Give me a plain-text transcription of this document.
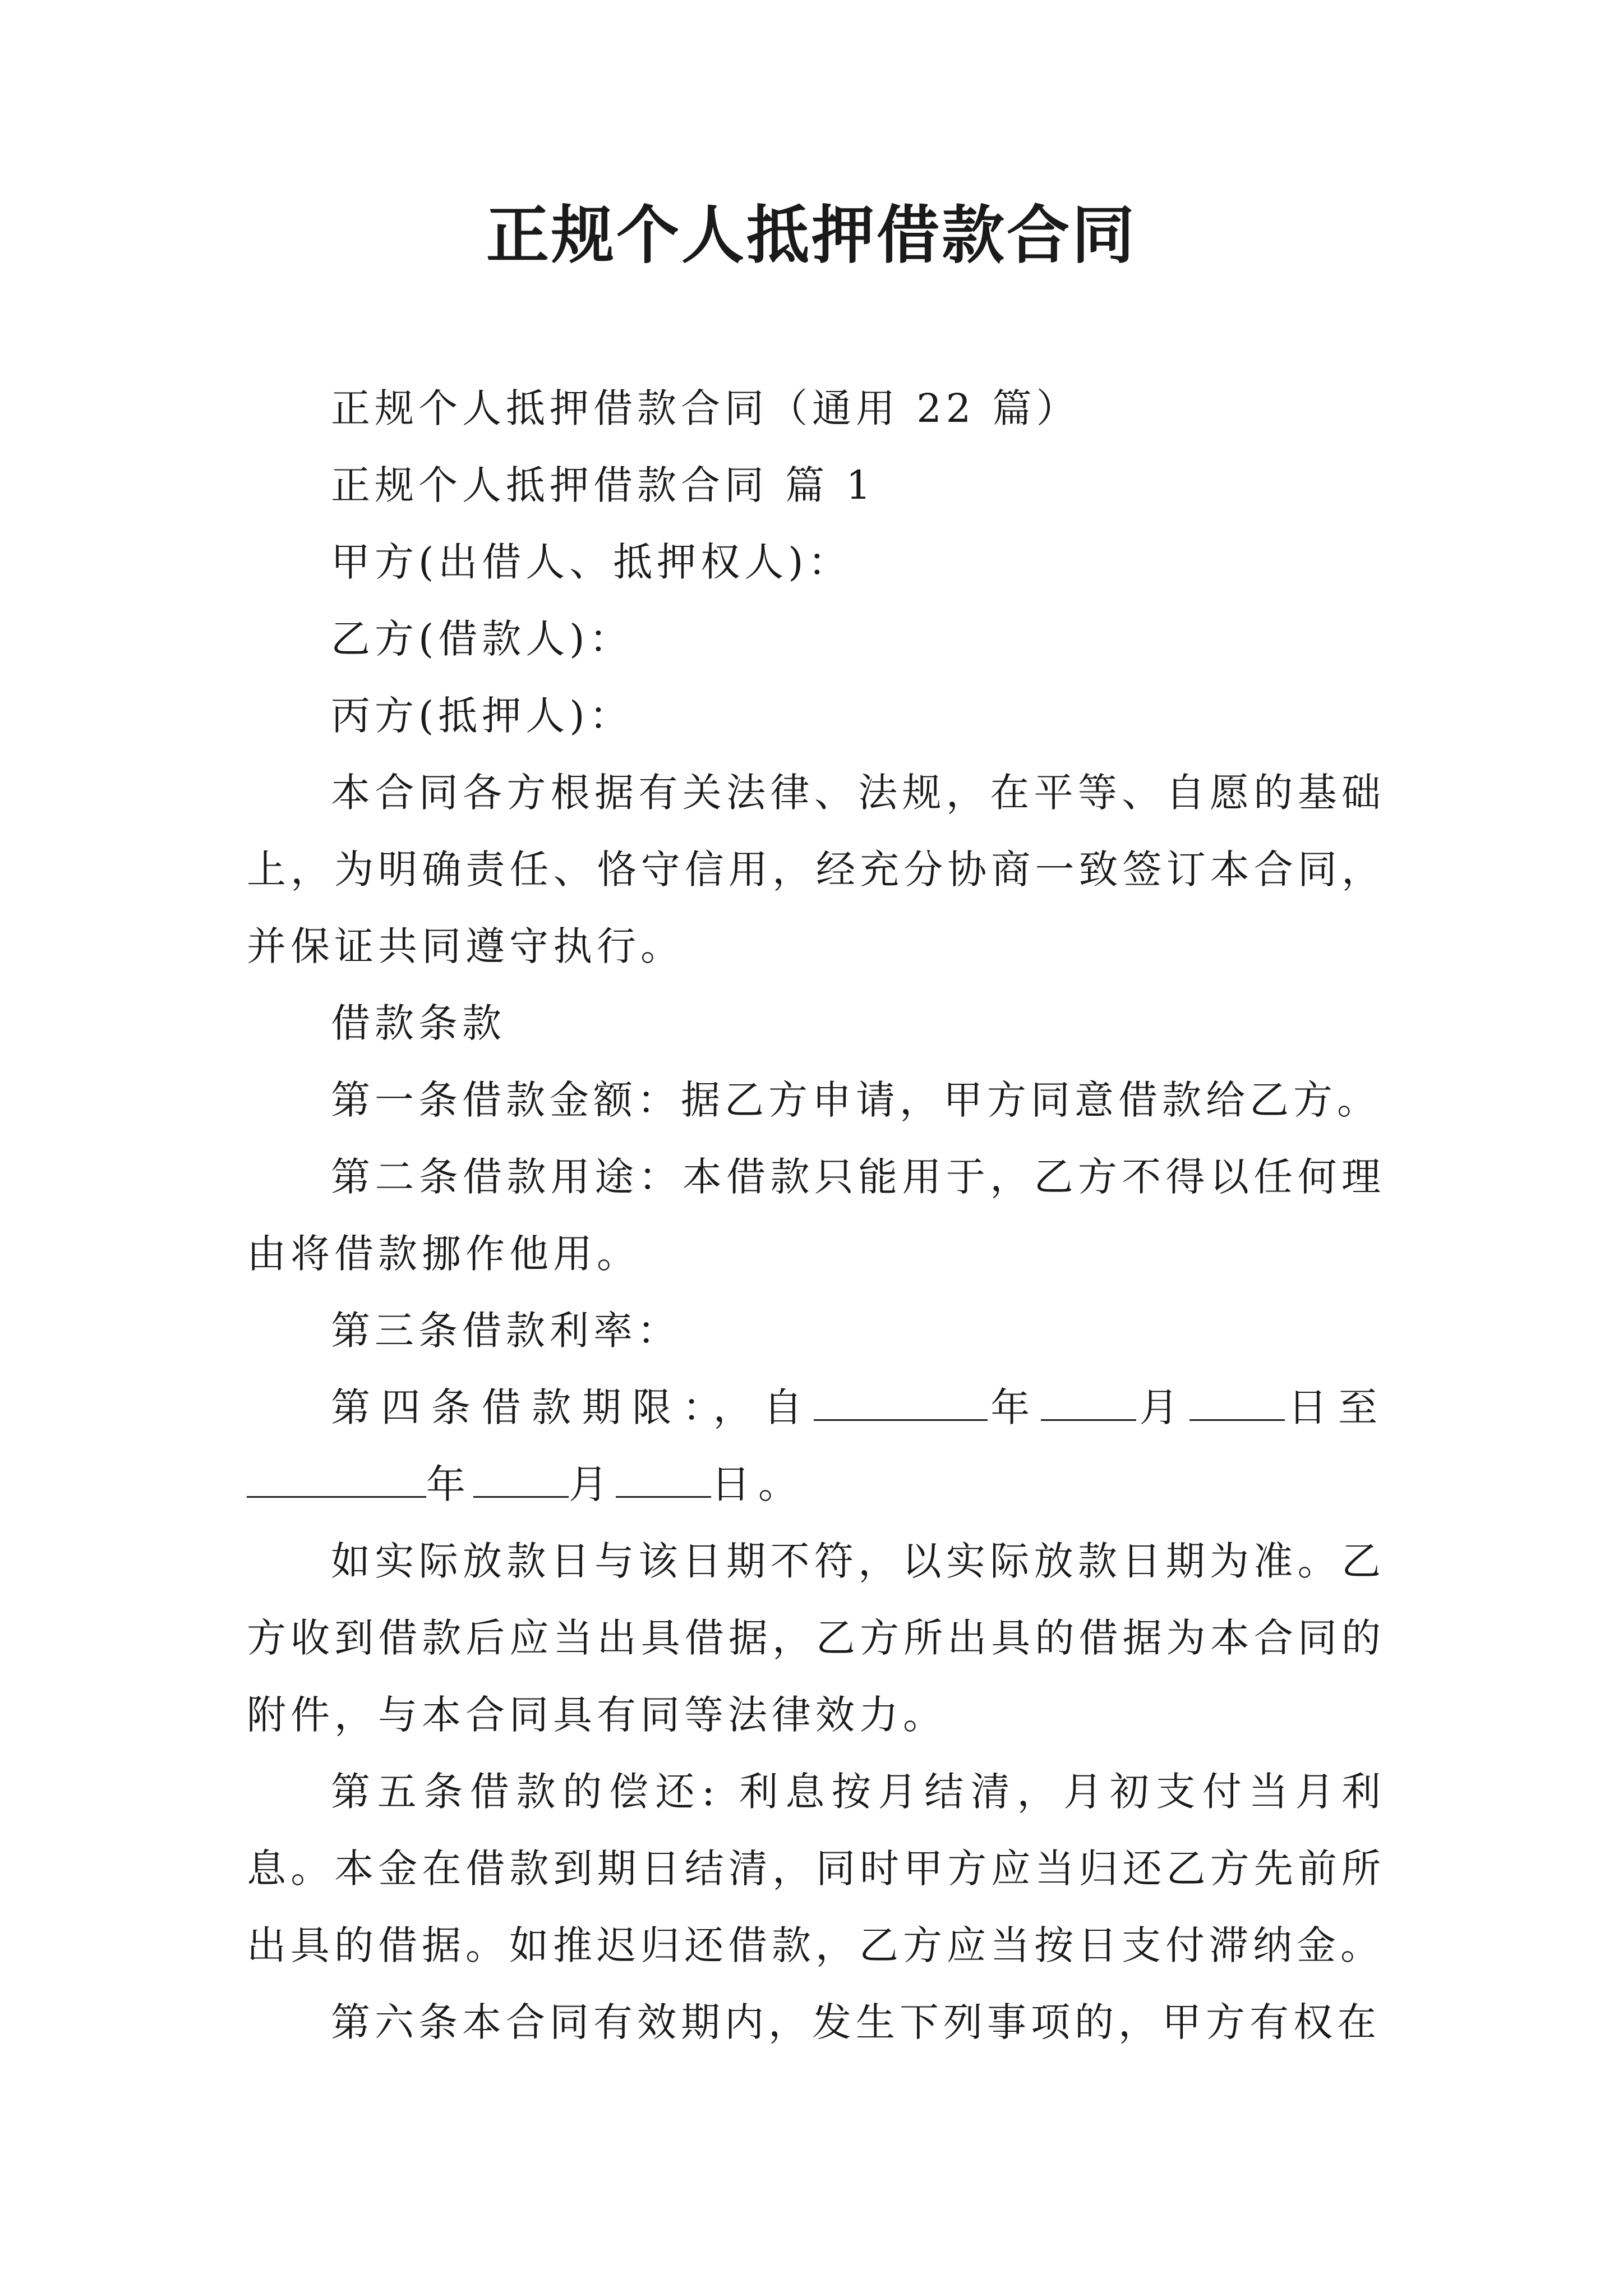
正规个人抵押借款合同

正规个人抵押借款合同（通用 22 篇）

正规个人抵押借款合同 篇 1

甲方(出借人、抵押权人)：

乙方(借款人)：

丙方(抵押人)：

本合同各方根据有关法律、法规，在平等、自愿的基础上，为明确责任、恪守信用，经充分协商一致签订本合同，并保证共同遵守执行。

借款条款

第一条借款金额：据乙方申请，甲方同意借款给乙方。

第二条借款用途：本借款只能用于，乙方不得以任何理由将借款挪作他用。

第三条借款利率：

第四条借款期限：，自	年 月 日至年 月 日。

如实际放款日与该日期不符，以实际放款日期为准。乙方收到借款后应当出具借据，乙方所出具的借据为本合同的附件，与本合同具有同等法律效力。

第五条借款的偿还: 利息按月结清，月初支付当月利息。本金在借款到期日结清，同时甲方应当归还乙方先前所出具的借据。如推迟归还借款，乙方应当按日支付滞纳金。

第六条本合同有效期内，发生下列事项的，甲方有权在
